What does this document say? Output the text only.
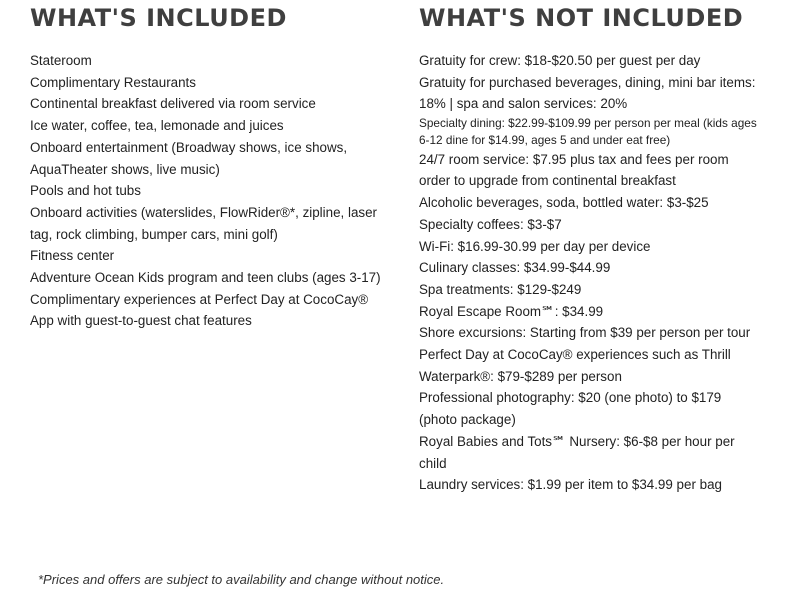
WHAT'S INCLUDED
Stateroom
Complimentary Restaurants
Continental breakfast delivered via room service
Ice water, coffee, tea, lemonade and juices
Onboard entertainment (Broadway shows, ice shows, AquaTheater shows, live music)
Pools and hot tubs
Onboard activities (waterslides, FlowRider®*, zipline, laser tag, rock climbing, bumper cars, mini golf)
Fitness center
Adventure Ocean Kids program and teen clubs (ages 3-17)
Complimentary experiences at Perfect Day at CocoCay®
App with guest-to-guest chat features
WHAT'S NOT INCLUDED
Gratuity for crew: $18-$20.50 per guest per day
Gratuity for purchased beverages, dining, mini bar items: 18% | spa and salon services: 20%
Specialty dining: $22.99-$109.99 per person per meal (kids ages 6-12 dine for $14.99, ages 5 and under eat free)
24/7 room service: $7.95 plus tax and fees per room order to upgrade from continental breakfast
Alcoholic beverages, soda, bottled water: $3-$25
Specialty coffees: $3-$7
Wi-Fi: $16.99-30.99 per day per device
Culinary classes: $34.99-$44.99
Spa treatments: $129-$249
Royal Escape Room℠: $34.99
Shore excursions: Starting from $39 per person per tour
Perfect Day at CocoCay® experiences such as Thrill Waterpark®: $79-$289 per person
Professional photography: $20 (one photo) to $179 (photo package)
Royal Babies and Tots℠ Nursery: $6-$8 per hour per child
Laundry services: $1.99 per item to $34.99 per bag
*Prices and offers are subject to availability and change without notice.
